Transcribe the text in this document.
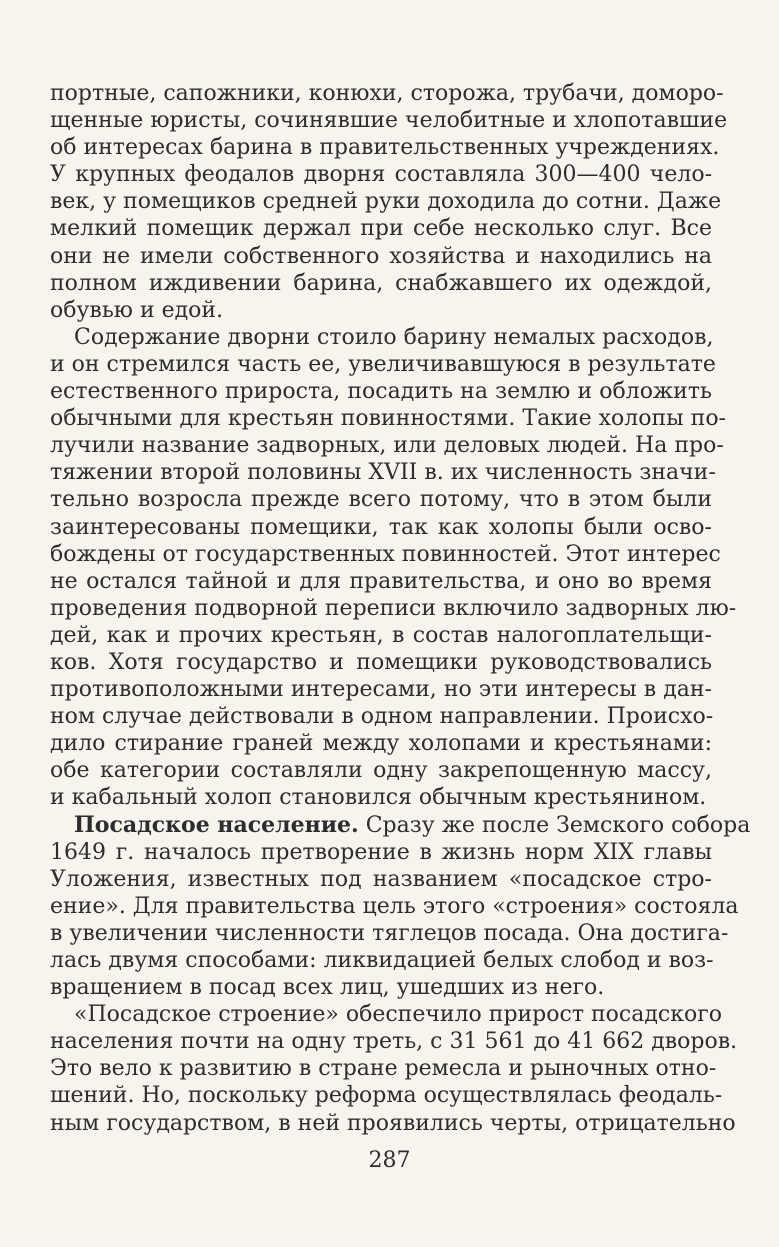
портные, сапожники, конюхи, сторожа, трубачи, доморо-
щенные юристы, сочинявшие челобитные и хлопотавшие
об интересах барина в правительственных учреждениях.
У крупных феодалов дворня составляла 300—400 чело-
век, у помещиков средней руки доходила до сотни. Даже
мелкий помещик держал при себе несколько слуг. Все
они не имели собственного хозяйства и находились на
полном иждивении барина, снабжавшего их одеждой,
обувью и едой.
Содержание дворни стоило барину немалых расходов,
и он стремился часть ее, увеличивавшуюся в результате
естественного прироста, посадить на землю и обложить
обычными для крестьян повинностями. Такие холопы по-
лучили название задворных, или деловых людей. На про-
тяжении второй половины XVII в. их численность значи-
тельно возросла прежде всего потому, что в этом были
заинтересованы помещики, так как холопы были осво-
бождены от государственных повинностей. Этот интерес
не остался тайной и для правительства, и оно во время
проведения подворной переписи включило задворных лю-
дей, как и прочих крестьян, в состав налогоплательщи-
ков. Хотя государство и помещики руководствовались
противоположными интересами, но эти интересы в дан-
ном случае действовали в одном направлении. Происхо-
дило стирание граней между холопами и крестьянами:
обе категории составляли одну закрепощенную массу,
и кабальный холоп становился обычным крестьянином.
Посадское население. Сразу же после Земского собора
1649 г. началось претворение в жизнь норм XIX главы
Уложения, известных под названием «посадское стро-
ение». Для правительства цель этого «строения» состояла
в увеличении численности тяглецов посада. Она достига-
лась двумя способами: ликвидацией белых слобод и воз-
вращением в посад всех лиц, ушедших из него.
«Посадское строение» обеспечило прирост посадского
населения почти на одну треть, с 31 561 до 41 662 дворов.
Это вело к развитию в стране ремесла и рыночных отно-
шений. Но, поскольку реформа осуществлялась феодаль-
ным государством, в ней проявились черты, отрицательно
287
